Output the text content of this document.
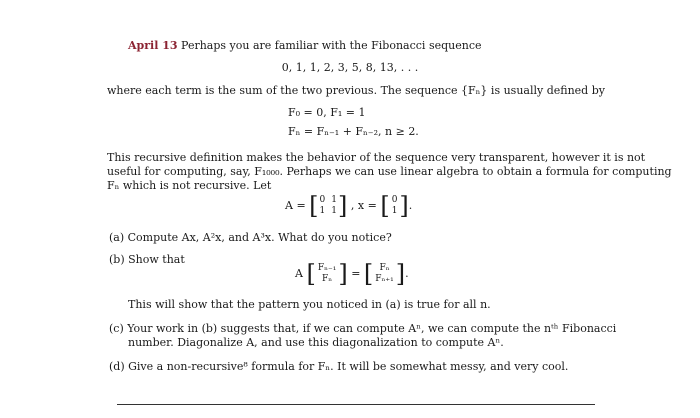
April 13 Perhaps you are familiar with the Fibonacci sequence
0, 1, 1, 2, 3, 5, 8, 13, . . .
where each term is the sum of the two previous. The sequence {Fₙ} is usually defined by
F₀ = 0, F₁ = 1
Fₙ = Fₙ₋₁ + Fₙ₋₂, n ≥ 2.
This recursive definition makes the behavior of the sequence very transparent, however it is not
useful for computing, say, F₁₀₀₀. Perhaps we can use linear algebra to obtain a formula for computing
Fₙ which is not recursive. Let
A = [ 0 1
1 1 ] , x = [ 0
1 ] .
(a) Compute Ax, A²x, and A³x. What do you notice?
(b) Show that
A [ Fₙ₋₁
Fₙ ] = [ Fₙ
Fₙ₊₁ ] .
This will show that the pattern you noticed in (a) is true for all n.
(c) Your work in (b) suggests that, if we can compute Aⁿ, we can compute the nᵗʰ Fibonacci
number. Diagonalize A, and use this diagonalization to compute Aⁿ.
(d) Give a non-recursive⁸ formula for Fₙ. It will be somewhat messy, and very cool.
